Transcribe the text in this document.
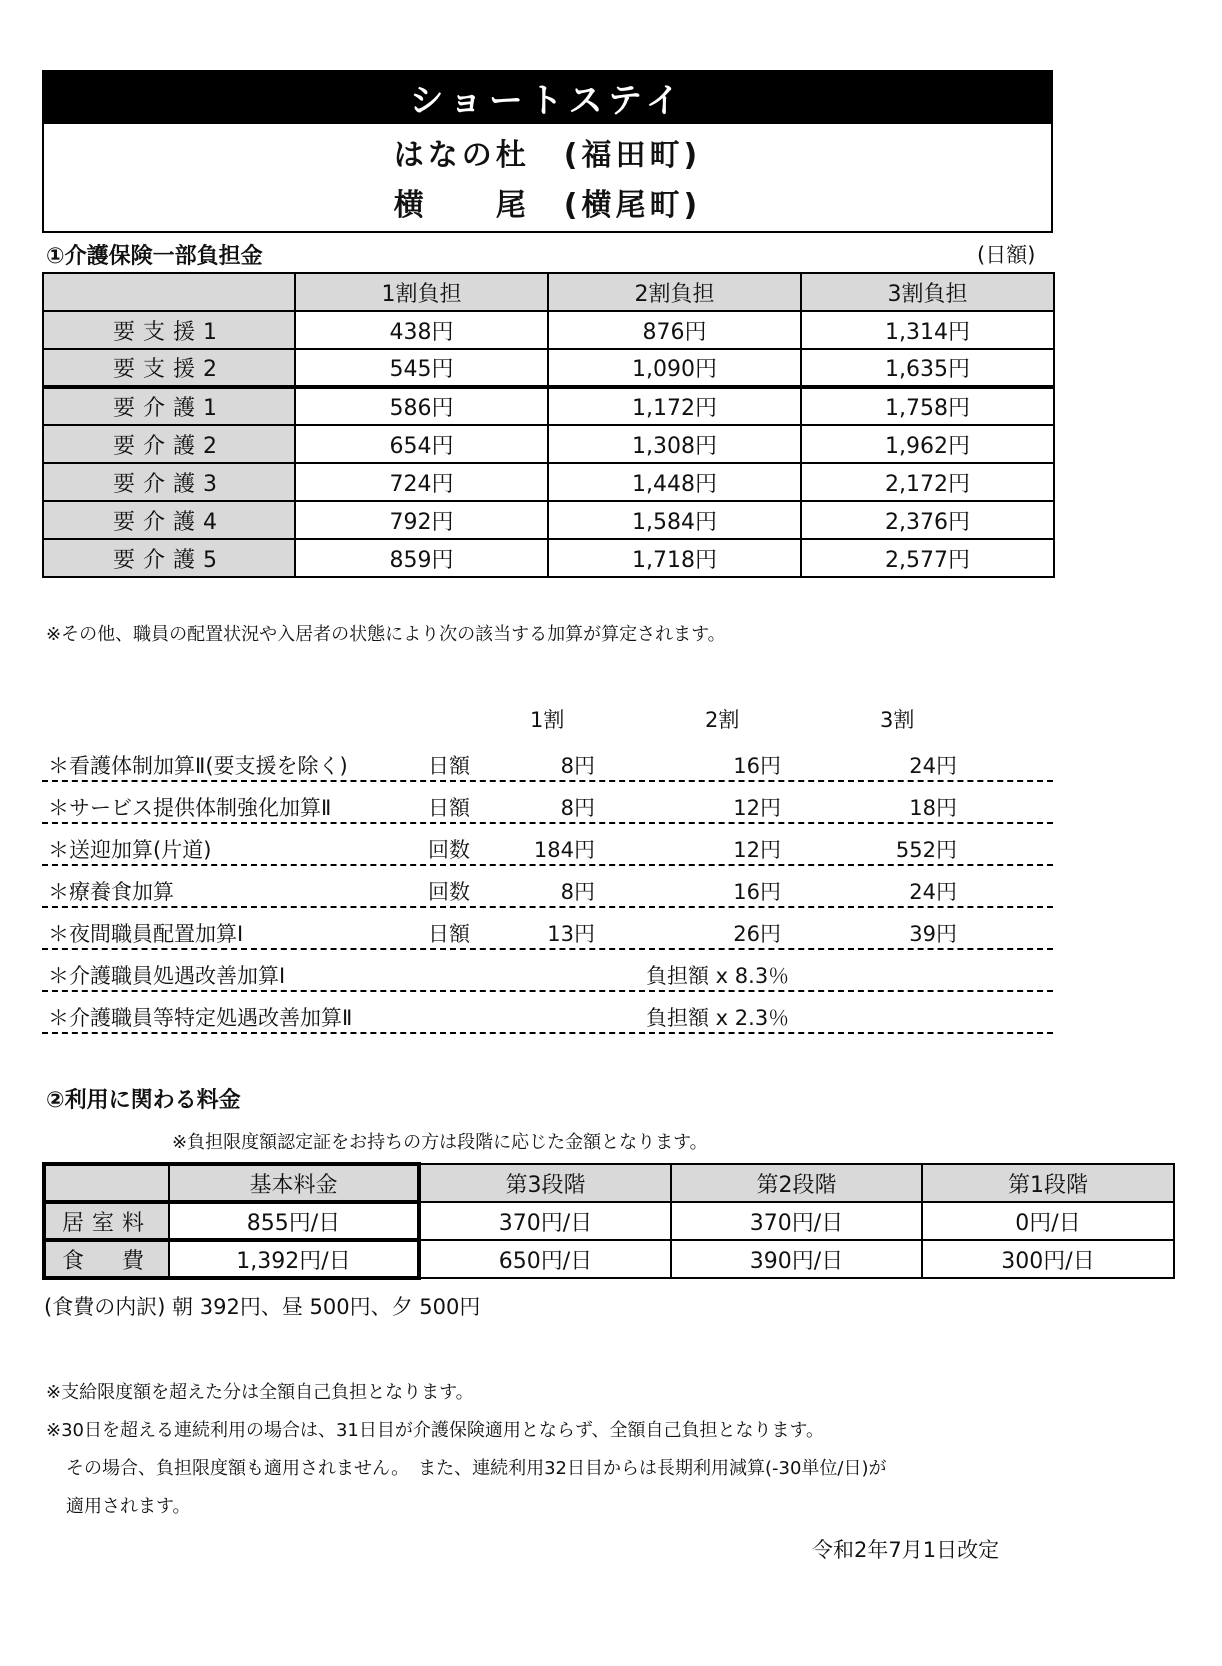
ショートステイ
はなの杜　(福田町)
横　　尾　(横尾町)
①介護保険一部負担金	(日額)
	1割負担	2割負担	3割負担
要支援1	438円	876円	1,314円
要支援2	545円	1,090円	1,635円
要介護1	586円	1,172円	1,758円
要介護2	654円	1,308円	1,962円
要介護3	724円	1,448円	2,172円
要介護4	792円	1,584円	2,376円
要介護5	859円	1,718円	2,577円
※その他、職員の配置状況や入居者の状態により次の該当する加算が算定されます。
1割	2割	3割
＊看護体制加算Ⅱ(要支援を除く)	日額	8円	16円	24円
＊サービス提供体制強化加算Ⅱ	日額	8円	12円	18円
＊送迎加算(片道)	回数	184円	12円	552円
＊療養食加算	回数	8円	16円	24円
＊夜間職員配置加算Ⅰ	日額	13円	26円	39円
＊介護職員処遇改善加算Ⅰ	負担額 x 8.3％
＊介護職員等特定処遇改善加算Ⅱ	負担額 x 2.3％
②利用に関わる料金
※負担限度額認定証をお持ちの方は段階に応じた金額となります。
	基本料金	第3段階	第2段階	第1段階
居室料	855円/日	370円/日	370円/日	0円/日
食　費	1,392円/日	650円/日	390円/日	300円/日
(食費の内訳) 朝 392円、昼 500円、夕 500円
※支給限度額を超えた分は全額自己負担となります。
※30日を超える連続利用の場合は、31日目が介護保険適用とならず、全額自己負担となります。
その場合、負担限度額も適用されません。　また、連続利用32日目からは長期利用減算(-30単位/日)が
適用されます。
令和2年7月1日改定
